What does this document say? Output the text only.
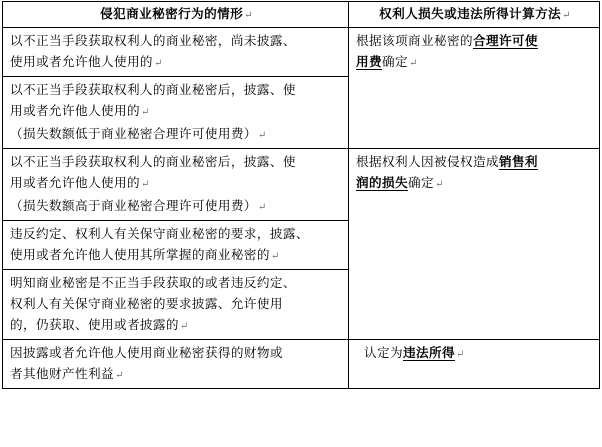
侵犯商业秘密行为的情形↵	权利人损失或违法所得计算方法↵

以不正当手段获取权利人的商业秘密，尚未披露、
使用或者允许他人使用的↵	根据该项商业秘密的合理许可使
用费确定↵

以不正当手段获取权利人的商业秘密后，披露、使
用或者允许他人使用的↵
（损失数额低于商业秘密合理许可使用费）↵	

以不正当手段获取权利人的商业秘密后，披露、使
用或者允许他人使用的↵
（损失数额高于商业秘密合理许可使用费）↵	根据权利人因被侵权造成销售利
润的损失确定↵

违反约定、权利人有关保守商业秘密的要求，披露、
使用或者允许他人使用其所掌握的商业秘密的↵	

明知商业秘密是不正当手段获取的或者违反约定、
权利人有关保守商业秘密的要求披露、允许使用
的，仍获取、使用或者披露的↵	

因披露或者允许他人使用商业秘密获得的财物或
者其他财产性利益↵	认定为违法所得↵
